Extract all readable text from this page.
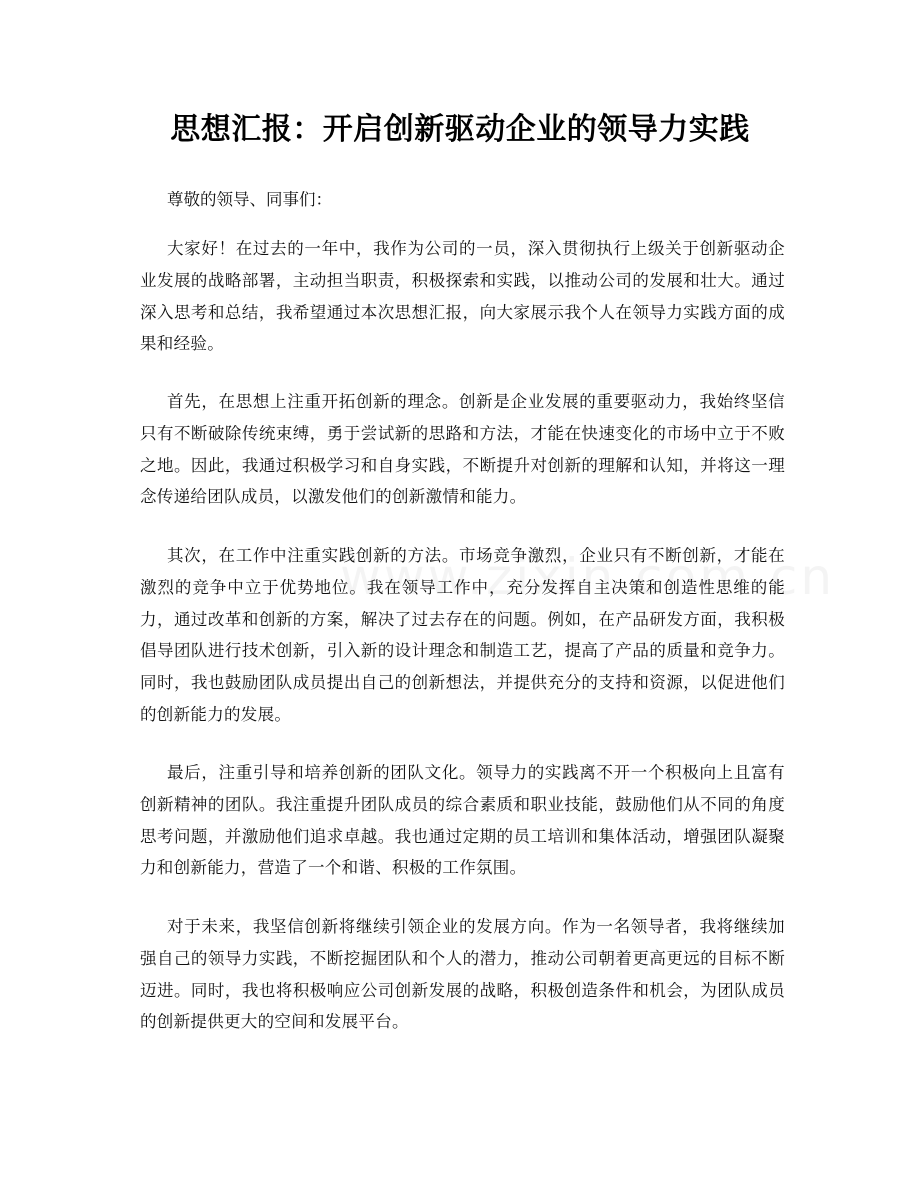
思想汇报：开启创新驱动企业的领导力实践

尊敬的领导、同事们：

大家好！在过去的一年中，我作为公司的一员，深入贯彻执行上级关于创新驱动企业发展的战略部署，主动担当职责，积极探索和实践，以推动公司的发展和壮大。通过深入思考和总结，我希望通过本次思想汇报，向大家展示我个人在领导力实践方面的成果和经验。

首先，在思想上注重开拓创新的理念。创新是企业发展的重要驱动力，我始终坚信只有不断破除传统束缚，勇于尝试新的思路和方法，才能在快速变化的市场中立于不败之地。因此，我通过积极学习和自身实践，不断提升对创新的理解和认知，并将这一理念传递给团队成员，以激发他们的创新激情和能力。

其次，在工作中注重实践创新的方法。市场竞争激烈，企业只有不断创新，才能在激烈的竞争中立于优势地位。我在领导工作中，充分发挥自主决策和创造性思维的能力，通过改革和创新的方案，解决了过去存在的问题。例如，在产品研发方面，我积极倡导团队进行技术创新，引入新的设计理念和制造工艺，提高了产品的质量和竞争力。同时，我也鼓励团队成员提出自己的创新想法，并提供充分的支持和资源，以促进他们的创新能力的发展。

最后，注重引导和培养创新的团队文化。领导力的实践离不开一个积极向上且富有创新精神的团队。我注重提升团队成员的综合素质和职业技能，鼓励他们从不同的角度思考问题，并激励他们追求卓越。我也通过定期的员工培训和集体活动，增强团队凝聚力和创新能力，营造了一个和谐、积极的工作氛围。

对于未来，我坚信创新将继续引领企业的发展方向。作为一名领导者，我将继续加强自己的领导力实践，不断挖掘团队和个人的潜力，推动公司朝着更高更远的目标不断迈进。同时，我也将积极响应公司创新发展的战略，积极创造条件和机会，为团队成员的创新提供更大的空间和发展平台。
